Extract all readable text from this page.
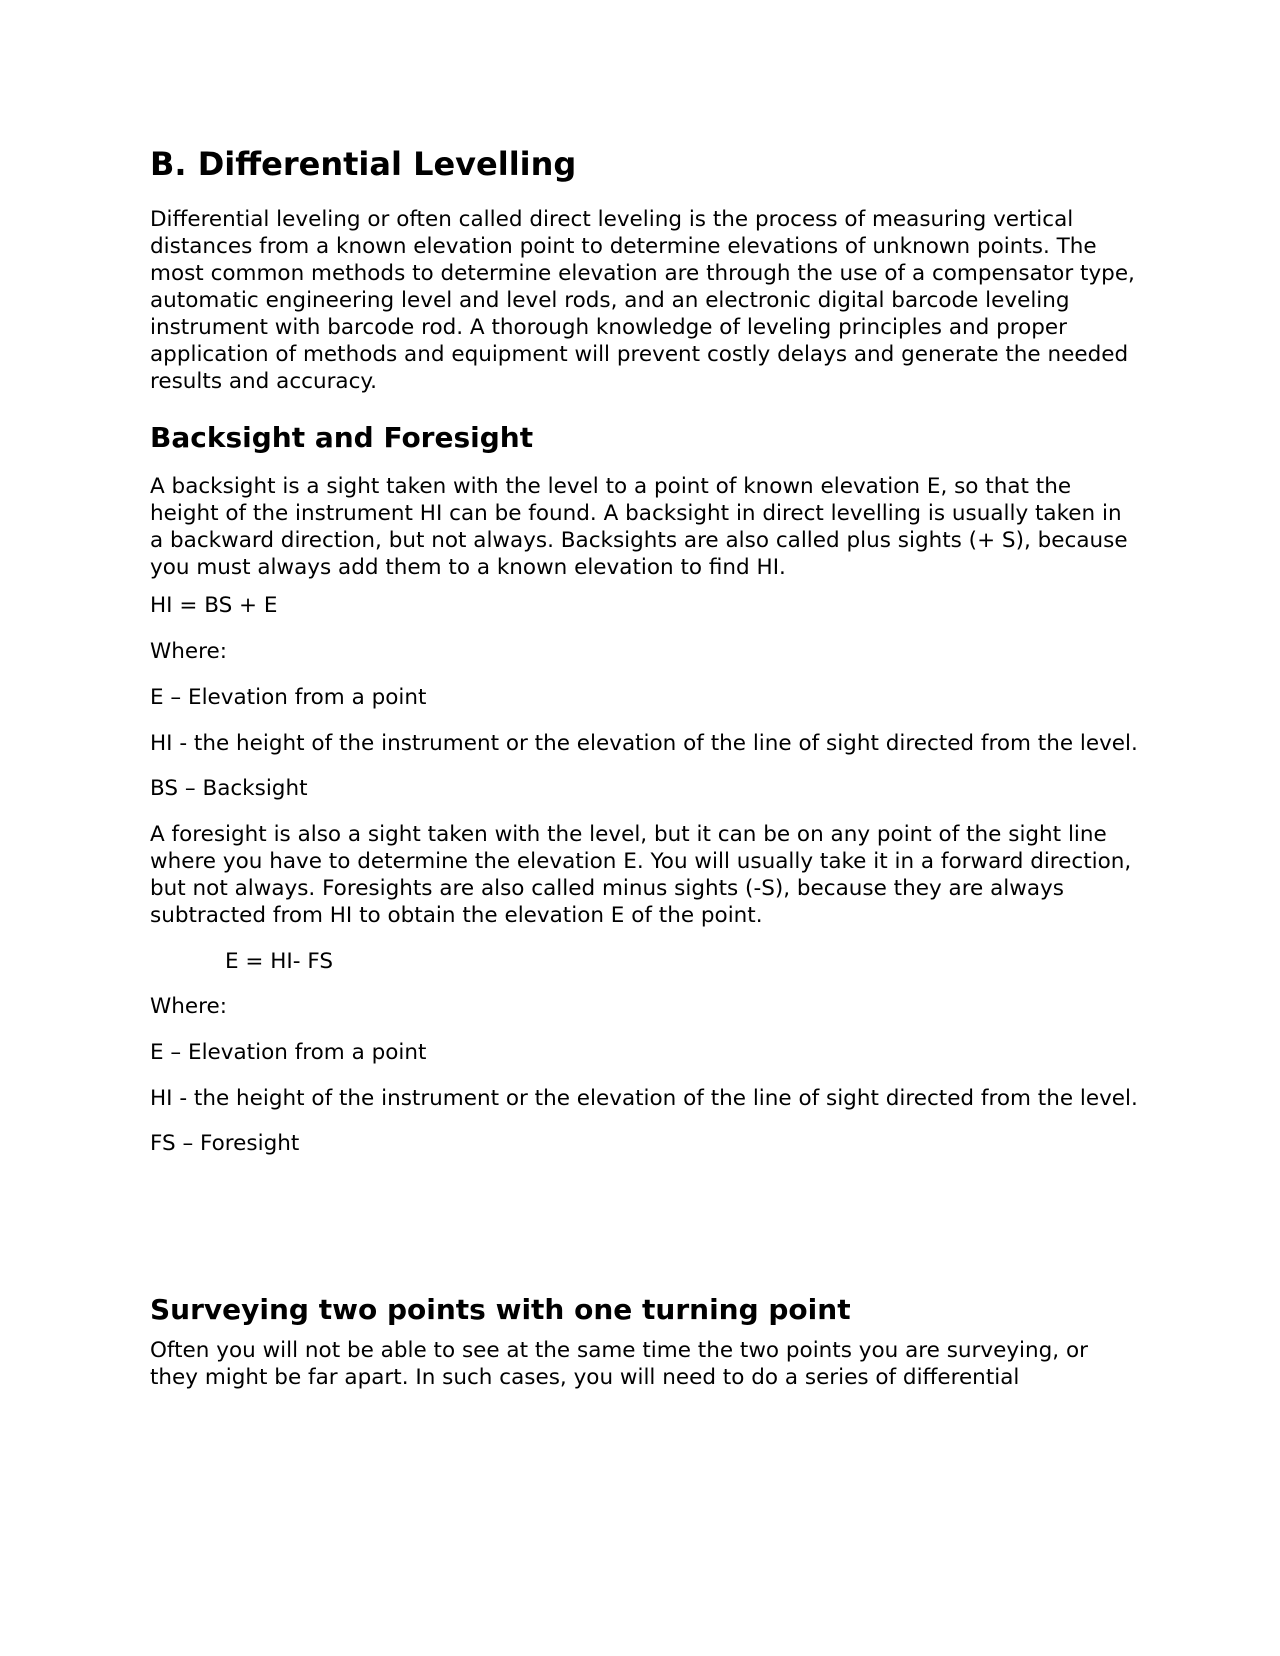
B. Differential Levelling

Differential leveling or often called direct leveling is the process of measuring vertical distances from a known elevation point to determine elevations of unknown points. The most common methods to determine elevation are through the use of a compensator type, automatic engineering level and level rods, and an electronic digital barcode leveling instrument with barcode rod. A thorough knowledge of leveling principles and proper application of methods and equipment will prevent costly delays and generate the needed results and accuracy.

Backsight and Foresight

A backsight is a sight taken with the level to a point of known elevation E, so that the height of the instrument HI can be found. A backsight in direct levelling is usually taken in a backward direction, but not always. Backsights are also called plus sights (+ S), because you must always add them to a known elevation to find HI.

HI = BS + E

Where:

E – Elevation from a point

HI - the height of the instrument or the elevation of the line of sight directed from the level.

BS – Backsight

A foresight is also a sight taken with the level, but it can be on any point of the sight line where you have to determine the elevation E. You will usually take it in a forward direction, but not always. Foresights are also called minus sights (-S), because they are always subtracted from HI to obtain the elevation E of the point.

E = HI- FS

Where:

E – Elevation from a point

HI - the height of the instrument or the elevation of the line of sight directed from the level.

FS – Foresight

Surveying two points with one turning point

Often you will not be able to see at the same time the two points you are surveying, or they might be far apart. In such cases, you will need to do a series of differential
